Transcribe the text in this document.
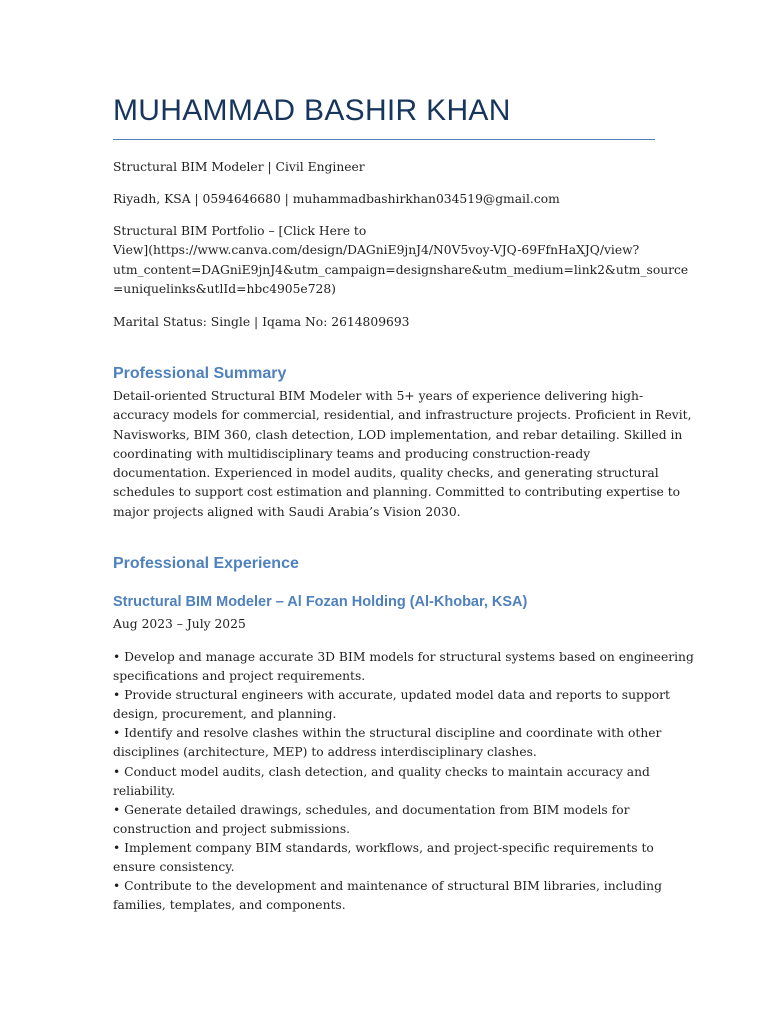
MUHAMMAD BASHIR KHAN
Structural BIM Modeler | Civil Engineer
Riyadh, KSA | 0594646680 | muhammadbashirkhan034519@gmail.com
Structural BIM Portfolio – [Click Here to
View](https://www.canva.com/design/DAGniE9jnJ4/N0V5voy-VJQ-69FfnHaXJQ/view?
utm_content=DAGniE9jnJ4&utm_campaign=designshare&utm_medium=link2&utm_source
=uniquelinks&utlId=hbc4905e728)
Marital Status: Single | Iqama No: 2614809693
Professional Summary
Detail-oriented Structural BIM Modeler with 5+ years of experience delivering high-
accuracy models for commercial, residential, and infrastructure projects. Proficient in Revit,
Navisworks, BIM 360, clash detection, LOD implementation, and rebar detailing. Skilled in
coordinating with multidisciplinary teams and producing construction-ready
documentation. Experienced in model audits, quality checks, and generating structural
schedules to support cost estimation and planning. Committed to contributing expertise to
major projects aligned with Saudi Arabia’s Vision 2030.
Professional Experience
Structural BIM Modeler – Al Fozan Holding (Al-Khobar, KSA)
Aug 2023 – July 2025
• Develop and manage accurate 3D BIM models for structural systems based on engineering
specifications and project requirements.
• Provide structural engineers with accurate, updated model data and reports to support
design, procurement, and planning.
• Identify and resolve clashes within the structural discipline and coordinate with other
disciplines (architecture, MEP) to address interdisciplinary clashes.
• Conduct model audits, clash detection, and quality checks to maintain accuracy and
reliability.
• Generate detailed drawings, schedules, and documentation from BIM models for
construction and project submissions.
• Implement company BIM standards, workflows, and project-specific requirements to
ensure consistency.
• Contribute to the development and maintenance of structural BIM libraries, including
families, templates, and components.
